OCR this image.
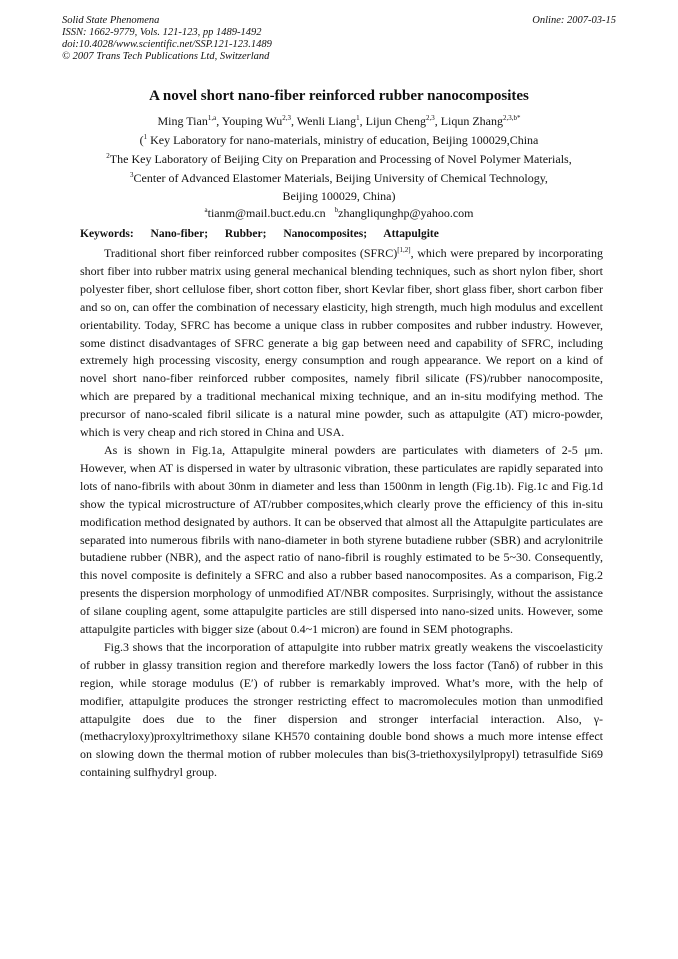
Solid State Phenomena
ISSN: 1662-9779, Vols. 121-123, pp 1489-1492
doi:10.4028/www.scientific.net/SSP.121-123.1489
© 2007 Trans Tech Publications Ltd, Switzerland
Online: 2007-03-15
A novel short nano-fiber reinforced rubber nanocomposites
Ming Tian$^{1,a}$, Youping Wu$^{2,3}$, Wenli Liang$^1$, Lijun Cheng$^{2,3}$, Liqun Zhang$^{2,3,b*}$
($^1$ Key Laboratory for nano-materials, ministry of education, Beijing 100029,China
$^2$The Key Laboratory of Beijing City on Preparation and Processing of Novel Polymer Materials,
$^3$Center of Advanced Elastomer Materials, Beijing University of Chemical Technology,
Beijing 100029, China)
$^a$tianm@mail.buct.edu.cn $^b$zhangliqunghp@yahoo.com
Keywords: Nano-fiber; Rubber; Nanocomposites; Attapulgite

Traditional short fiber reinforced rubber composites (SFRC)[1,2], which were prepared by incorporating short fiber into rubber matrix using general mechanical blending techniques, such as short nylon fiber, short polyester fiber, short cellulose fiber, short cotton fiber, short Kevlar fiber, short glass fiber, short carbon fiber and so on, can offer the combination of necessary elasticity, high strength, much high modulus and excellent orientability. Today, SFRC has become a unique class in rubber composites and rubber industry. However, some distinct disadvantages of SFRC generate a big gap between need and capability of SFRC, including extremely high processing viscosity, energy consumption and rough appearance. We report on a kind of novel short nano-fiber reinforced rubber composites, namely fibril silicate (FS)/rubber nanocomposite, which are prepared by a traditional mechanical mixing technique, and an in-situ modifying method. The precursor of nano-scaled fibril silicate is a natural mine powder, such as attapulgite (AT) micro-powder, which is very cheap and rich stored in China and USA.

As is shown in Fig.1a, Attapulgite mineral powders are particulates with diameters of 2-5 μm. However, when AT is dispersed in water by ultrasonic vibration, these particulates are rapidly separated into lots of nano-fibrils with about 30nm in diameter and less than 1500nm in length (Fig.1b). Fig.1c and Fig.1d show the typical microstructure of AT/rubber composites,which clearly prove the efficiency of this in-situ modification method designated by authors. It can be observed that almost all the Attapulgite particulates are separated into numerous fibrils with nano-diameter in both styrene butadiene rubber (SBR) and acrylonitrile butadiene rubber (NBR), and the aspect ratio of nano-fibril is roughly estimated to be 5~30. Consequently, this novel composite is definitely a SFRC and also a rubber based nanocomposites. As a comparison, Fig.2 presents the dispersion morphology of unmodified AT/NBR composites. Surprisingly, without the assistance of silane coupling agent, some attapulgite particles are still dispersed into nano-sized units. However, some attapulgite particles with bigger size (about 0.4~1 micron) are found in SEM photographs.

Fig.3 shows that the incorporation of attapulgite into rubber matrix greatly weakens the viscoelasticity of rubber in glassy transition region and therefore markedly lowers the loss factor (Tanδ) of rubber in this region, while storage modulus (E′) of rubber is remarkably improved. What’s more, with the help of modifier, attapulgite produces the stronger restricting effect to macromolecules motion than unmodified attapulgite does due to the finer dispersion and stronger interfacial interaction. Also, γ-(methacryloxy)proxyltrimethoxy silane KH570 containing double bond shows a much more intense effect on slowing down the thermal motion of rubber molecules than bis(3-triethoxysilylpropyl) tetrasulfide Si69 containing sulfhydryl group.
